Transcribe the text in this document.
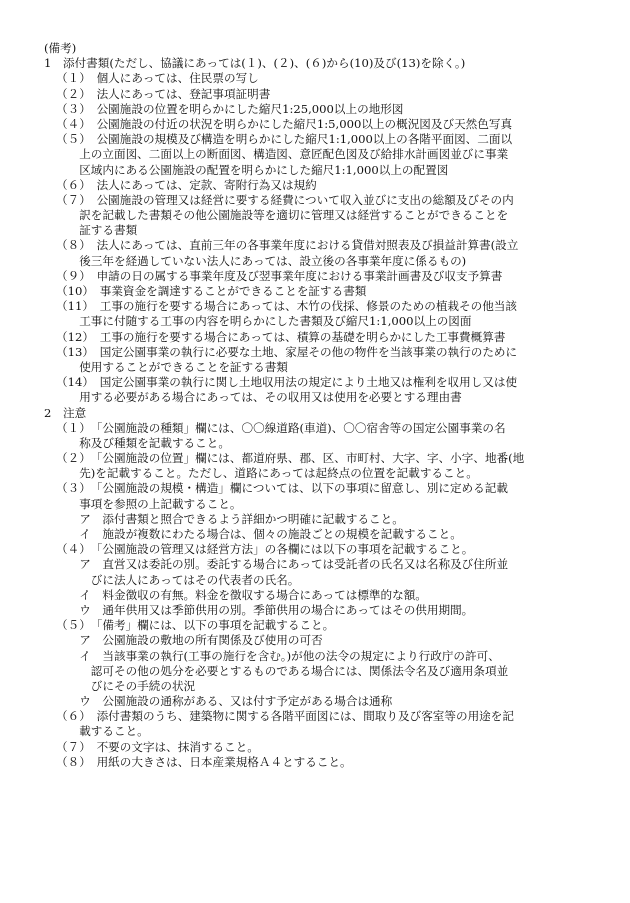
(備考)
1　添付書類(ただし、協議にあっては(１)、(２)、(６)から(10)及び(13)を除く。)
（１）　個人にあっては、住民票の写し
（２）　法人にあっては、登記事項証明書
（３）　公園施設の位置を明らかにした縮尺1:25,000以上の地形図
（４）　公園施設の付近の状況を明らかにした縮尺1:5,000以上の概況図及び天然色写真
（５）　公園施設の規模及び構造を明らかにした縮尺1:1,000以上の各階平面図、二面以
　　上の立面図、二面以上の断面図、構造図、意匠配色図及び給排水計画図並びに事業
　　区域内にある公園施設の配置を明らかにした縮尺1:1,000以上の配置図
（６）　法人にあっては、定款、寄附行為又は規約
（７）　公園施設の管理又は経営に要する経費について収入並びに支出の総額及びその内
　　訳を記載した書類その他公園施設等を適切に管理又は経営することができることを
　　証する書類
（８）　法人にあっては、直前三年の各事業年度における貸借対照表及び損益計算書(設立
　　後三年を経過していない法人にあっては、設立後の各事業年度に係るもの)
（９）　申請の日の属する事業年度及び翌事業年度における事業計画書及び収支予算書
（10）　事業資金を調達することができることを証する書類
（11）　工事の施行を要する場合にあっては、木竹の伐採、修景のための植栽その他当該
　　工事に付随する工事の内容を明らかにした書類及び縮尺1:1,000以上の図面
（12）　工事の施行を要する場合にあっては、積算の基礎を明らかにした工事費概算書
（13）　国定公園事業の執行に必要な土地、家屋その他の物件を当該事業の執行のために
　　使用することができることを証する書類
（14）　国定公園事業の執行に関し土地収用法の規定により土地又は権利を収用し又は使
　　用する必要がある場合にあっては、その収用又は使用を必要とする理由書
2　注意
（１）　「公園施設の種類」欄には、〇〇線道路(車道)、〇〇宿舎等の国定公園事業の名
　　称及び種類を記載すること。
（２）　「公園施設の位置」欄には、都道府県、郡、区、市町村、大字、字、小字、地番(地
　　先)を記載すること。ただし、道路にあっては起終点の位置を記載すること。
（３）　「公園施設の規模・構造」欄については、以下の事項に留意し、別に定める記載
　　事項を参照の上記載すること。
　　ア　添付書類と照合できるよう詳細かつ明確に記載すること。
　　イ　施設が複数にわたる場合は、個々の施設ごとの規模を記載すること。
（４）　「公園施設の管理又は経営方法」の各欄には以下の事項を記載すること。
　　ア　直営又は委託の別。委託する場合にあっては受託者の氏名又は名称及び住所並
　　　びに法人にあってはその代表者の氏名。
　　イ　料金徴収の有無。料金を徴収する場合にあっては標準的な額。
　　ウ　通年供用又は季節供用の別。季節供用の場合にあってはその供用期間。
（５）　「備考」欄には、以下の事項を記載すること。
　　ア　公園施設の敷地の所有関係及び使用の可否
　　イ　当該事業の執行(工事の施行を含む。)が他の法令の規定により行政庁の許可、
　　　認可その他の処分を必要とするものである場合には、関係法令名及び適用条項並
　　　びにその手続の状況
　　ウ　公園施設の通称がある、又は付す予定がある場合は通称
（６）　添付書類のうち、建築物に関する各階平面図には、間取り及び客室等の用途を記
　　載すること。
（７）　不要の文字は、抹消すること。
（８）　用紙の大きさは、日本産業規格Ａ４とすること。
